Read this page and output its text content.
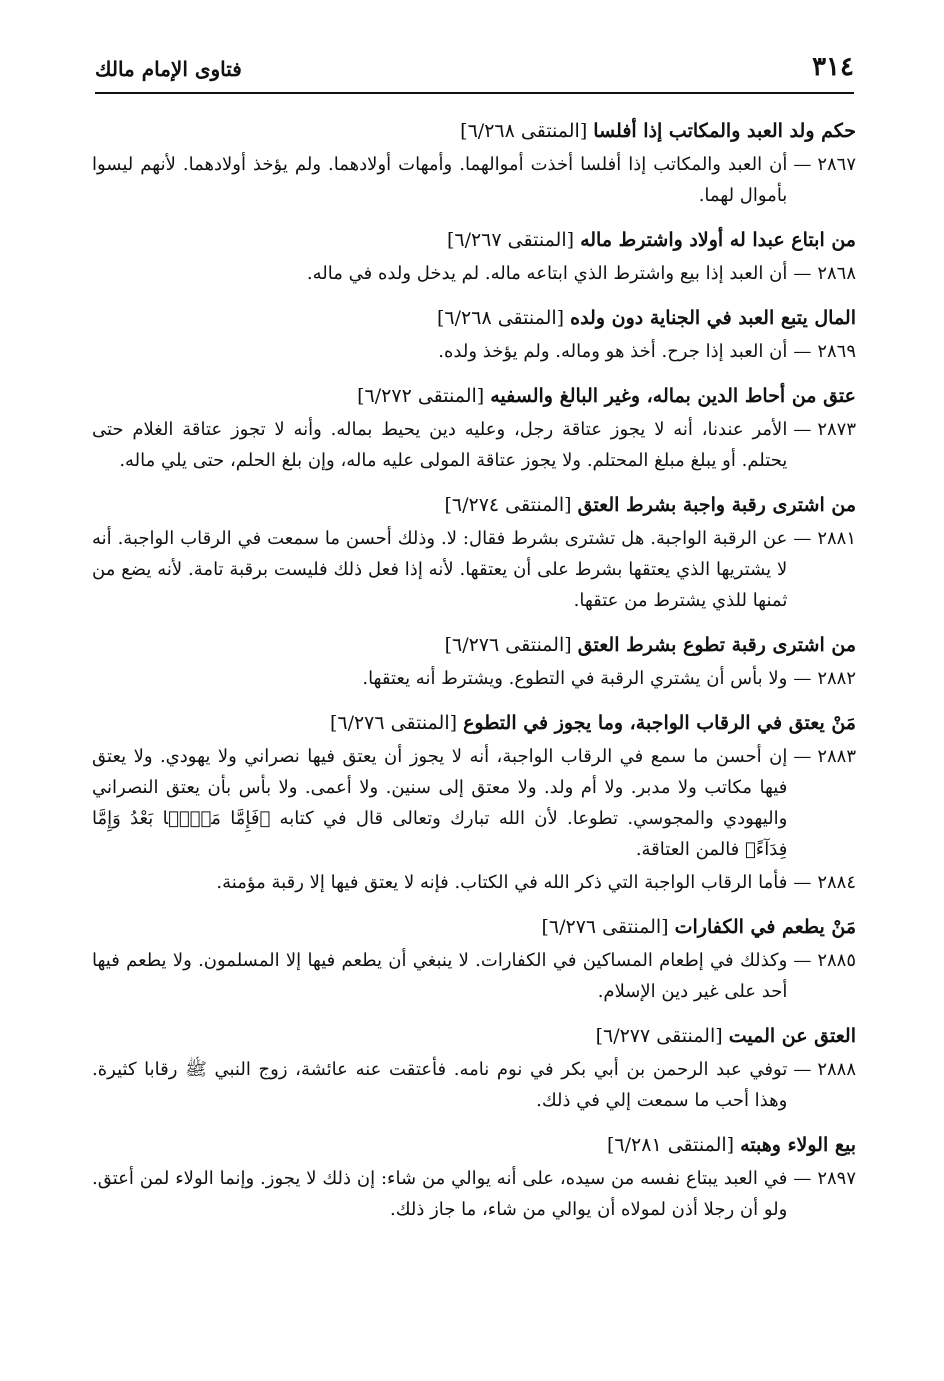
٣١٤
فتاوى الإمام مالك
حكم ولد العبد والمكاتب إذا أفلسا [المنتقى ٦/٢٦٨]
٢٨٦٧
—
أن العبد والمكاتب إذا أفلسا أخذت أموالهما. وأمهات أولادهما. ولم يؤخذ أولادهما. لأنهم ليسوا بأموال لهما.
من ابتاع عبدا له أولاد واشترط ماله [المنتقى ٦/٢٦٧]
٢٨٦٨
—
أن العبد إذا بيع واشترط الذي ابتاعه ماله. لم يدخل ولده في ماله.
المال يتبع العبد في الجناية دون ولده [المنتقى ٦/٢٦٨]
٢٨٦٩
—
أن العبد إذا جرح. أخذ هو وماله. ولم يؤخذ ولده.
عتق من أحاط الدين بماله، وغير البالغ والسفيه [المنتقى ٦/٢٧٢]
٢٨٧٣
—
الأمر عندنا، أنه لا يجوز عتاقة رجل، وعليه دين يحيط بماله. وأنه لا تجوز عتاقة الغلام حتى يحتلم. أو يبلغ مبلغ المحتلم. ولا يجوز عتاقة المولى عليه ماله، وإن بلغ الحلم، حتى يلي ماله.
من اشترى رقبة واجبة بشرط العتق [المنتقى ٦/٢٧٤]
٢٨٨١
—
عن الرقبة الواجبة. هل تشترى بشرط فقال: لا. وذلك أحسن ما سمعت في الرقاب الواجبة. أنه لا يشتريها الذي يعتقها بشرط على أن يعتقها. لأنه إذا فعل ذلك فليست برقبة تامة. لأنه يضع من ثمنها للذي يشترط من عتقها.
من اشترى رقبة تطوع بشرط العتق [المنتقى ٦/٢٧٦]
٢٨٨٢
—
ولا بأس أن يشتري الرقبة في التطوع. ويشترط أنه يعتقها.
مَنْ يعتق في الرقاب الواجبة، وما يجوز في التطوع [المنتقى ٦/٢٧٦]
٢٨٨٣
—
إن أحسن ما سمع في الرقاب الواجبة، أنه لا يجوز أن يعتق فيها نصراني ولا يهودي. ولا يعتق فيها مكاتب ولا مدبر. ولا أم ولد. ولا معتق إلى سنين. ولا أعمى. ولا بأس بأن يعتق النصراني واليهودي والمجوسي. تطوعا. لأن الله تبارك وتعالى قال في كتابه ﴿فَإِمَّا مَنًّۢا بَعْدُ وَإِمَّا فِدَآءً﴾ فالمن العتاقة.
٢٨٨٤
—
فأما الرقاب الواجبة التي ذكر الله في الكتاب. فإنه لا يعتق فيها إلا رقبة مؤمنة.
مَنْ يطعم في الكفارات [المنتقى ٦/٢٧٦]
٢٨٨٥
—
وكذلك في إطعام المساكين في الكفارات. لا ينبغي أن يطعم فيها إلا المسلمون. ولا يطعم فيها أحد على غير دين الإسلام.
العتق عن الميت [المنتقى ٦/٢٧٧]
٢٨٨٨
—
توفي عبد الرحمن بن أبي بكر في نوم نامه. فأعتقت عنه عائشة، زوج النبي ﷺ رقابا كثيرة. وهذا أحب ما سمعت إلي في ذلك.
بيع الولاء وهبته [المنتقى ٦/٢٨١]
٢٨٩٧
—
في العبد يبتاع نفسه من سيده، على أنه يوالي من شاء: إن ذلك لا يجوز. وإنما الولاء لمن أعتق. ولو أن رجلا أذن لمولاه أن يوالي من شاء، ما جاز ذلك.
